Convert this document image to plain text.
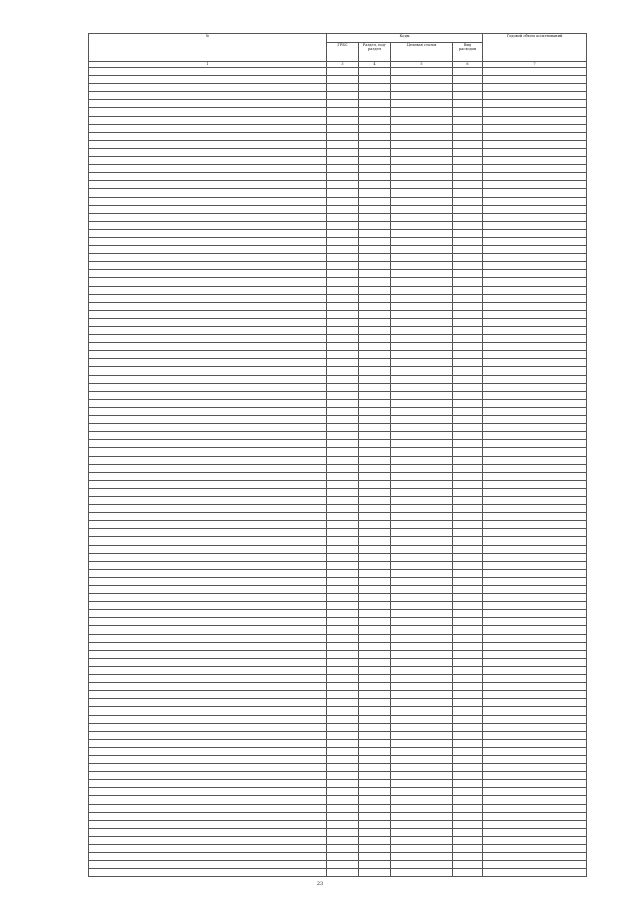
№	Коды				Годовой объем ассигнований
	ГРБС	Раздел, под-раздел	Целевая статья	Вид расходов	
1	3	4	5	6	7

23
